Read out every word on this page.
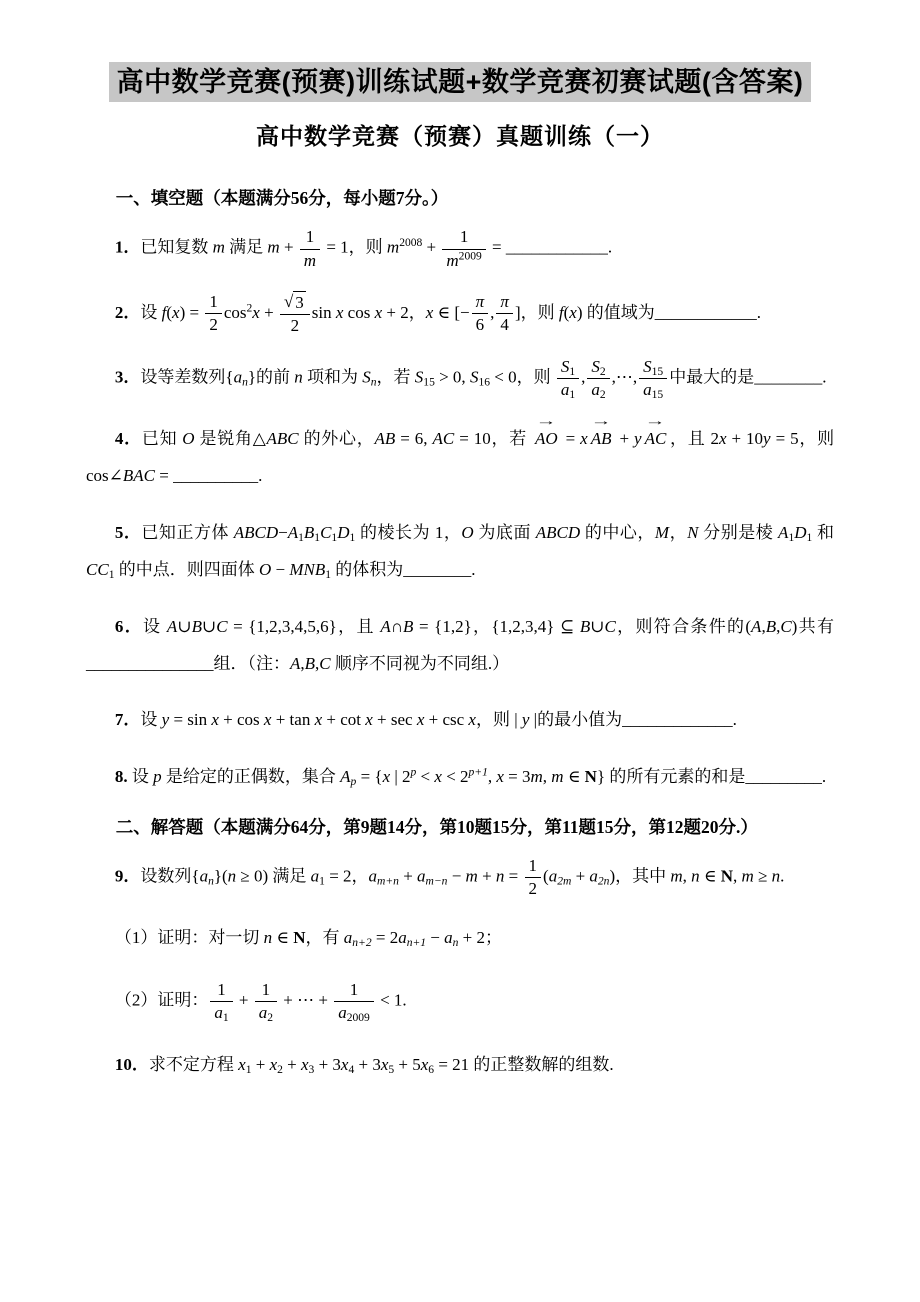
高中数学竞赛(预赛)训练试题+数学竞赛初赛试题(含答案)
高中数学竞赛（预赛）真题训练（一）

一、填空题（本题满分56分，每小题7分。）

1．已知复数 m 满足 $m + \frac{1}{m} = 1$，则 $m^{2008} + \frac{1}{m^{2009}}$ = ____________.

2．设 $f(x) = \frac{1}{2} \cos^2x + \frac{√ 3}{2}$ sin x cos x + 2，x ∈ [− $\frac{\pi}{6}$ , $\frac{\pi}{4}$ ]，则 f(x) 的值域为____________.

3．设等差数列$\{a_n\}$的前 n 项和为 $S_n$，若 $S_{15} > 0$, $S_{16} < 0$，则 $\frac{S_1}{a_1}$ , $\frac{S_2}{a_2}$ ,⋯, $\frac{S_{15}}{a_{15}}$ 中最大的是________.

4．已知 O 是锐角△ABC 的外心，AB = 6, AC = 10，若 AO → = x AB → + y AC → ，且 2x + 10y = 5，则 cos∠BAC = __________.

5．已知正方体 $ABCD-A_1B_1C_1D_1$ 的棱长为 1，O 为底面 ABCD 的中心，M，N 分别是棱 $A_1D_1$ 和 $CC_1$ 的中点．则四面体 $O - MNB_1$ 的体积为________.

6．设 A∪B∪C = {1,2,3,4,5,6}，且 A∩B = {1,2}，{1,2,3,4} ⊆ B∪C，则符合条件的(A,B,C)共有_______________组．（注：A,B,C 顺序不同视为不同组.）

7．设 y = sin x + cos x + tan x + cot x + sec x + csc x，则 | y |的最小值为_____________.

8. 设 p 是给定的正偶数，集合 $A_p = \{x$ | $2^p < x < 2^{p+1}$, x = 3m, m ∈ N} 的所有元素的和是_________.

二、解答题（本题满分64分，第9题14分，第10题15分，第11题15分，第12题20分.）

9．设数列$\{a_n\}(n \ge 0)$ 满足 $a_1 = 2$，$a_{m+n} + a_{m-n} - m + n = \frac{1}{2} (a_{2m} + a_{2n})$，其中 m, n ∈ N, m ≥ n.

（1）证明：对一切 n ∈ N，有 $a_{n+2} = 2a_{n+1} - a_n + 2$；

（2）证明： $\frac{1}{a_1} + \frac{1}{a_2}$ + ⋯ + $\frac{1}{a_{2009}} < 1$.

10．求不定方程 $x_1 + x_2 + x_3 + 3x_4 + 3x_5 + 5x_6 = 21$ 的正整数解的组数.
